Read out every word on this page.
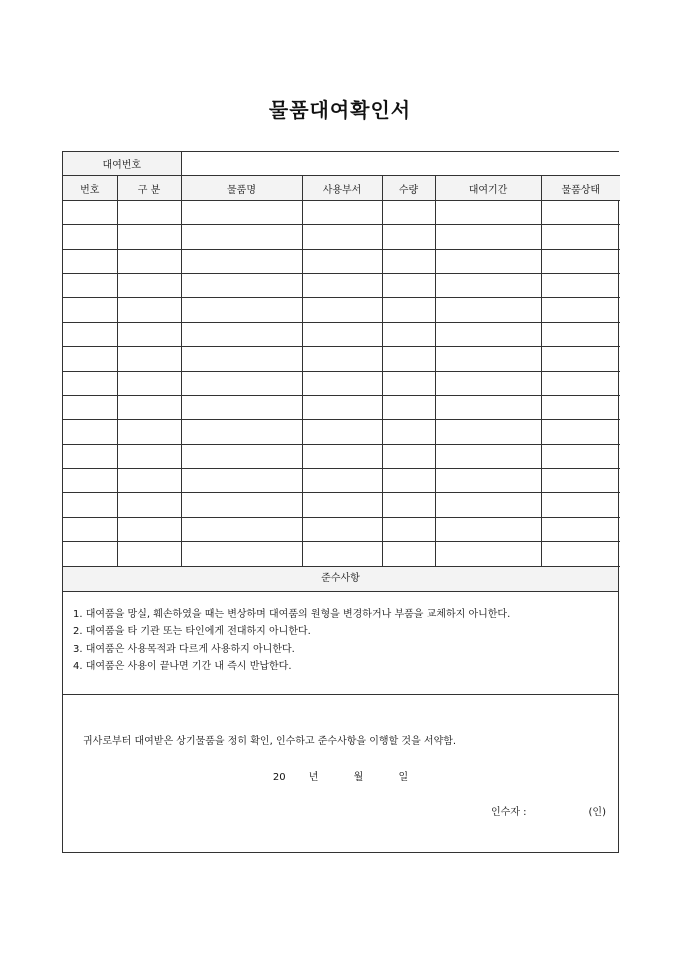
물품대여확인서
대여번호						
번호	구 분	물품명	사용부서	수량	대여기간	물품상태

준수사항
1. 대여품을 망실, 훼손하였을 때는 변상하며 대여품의 원형을 변경하거나 부품을 교체하지 아니한다.
2. 대여품을 타 기관 또는 타인에게 전대하지 아니한다.
3. 대여품은 사용목적과 다르게 사용하지 아니한다.
4. 대여품은 사용이 끝나면 기간 내 즉시 반납한다.
귀사로부터 대여받은 상기물품을 정히 확인, 인수하고 준수사항을 이행할 것을 서약함.
20 년	월	일
인수자 :	(인)
